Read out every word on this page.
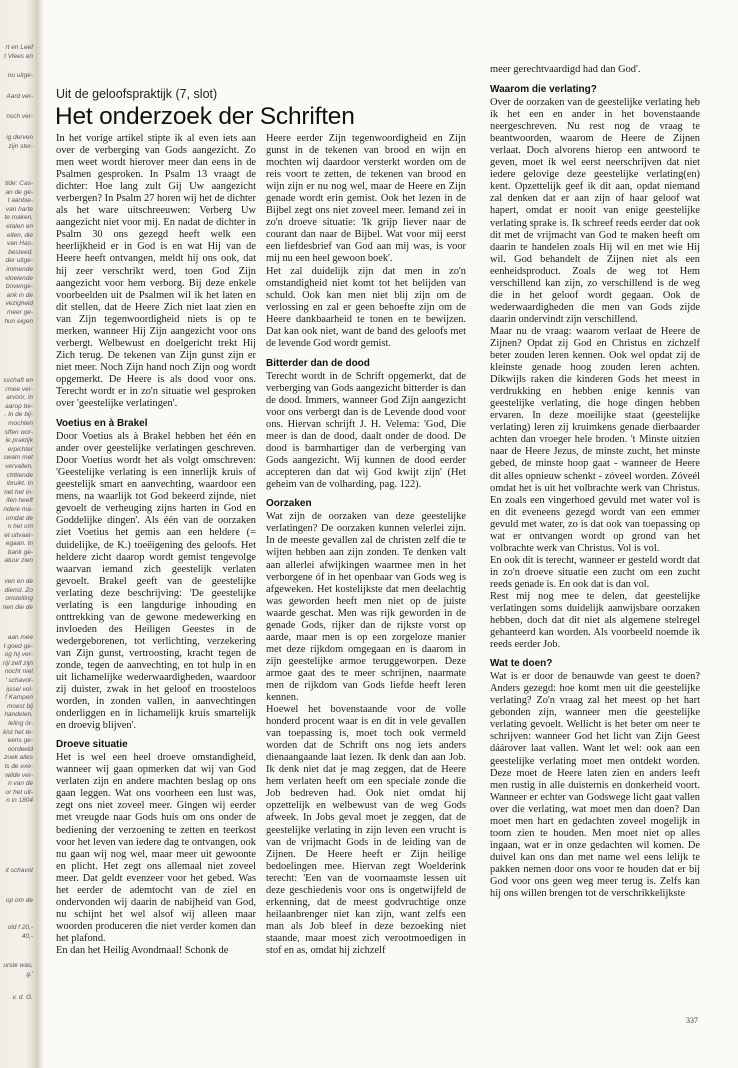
rt en Leef
t Vlees en
nu uitge-
Aard ver-
nsch ver-
ig derven
zijn ster-
tide: Cas-
an de ge-
t aanbie-
van harte
te maken,
etalen en
ellen, die
van Has-
besteed.
der uitge-
immende
vloeiende
bovenge-
ank in de
vezigheid
meer ge-
hun eigen
sschaft en
rmee ver-
arvóór, in
aarop be-
. In de bij-
mochten
sffen wor-
le praktijk
erpichter
swam met
vervallen.
chttiende
ibruikt. In
net het in-
ifen heeft
ndere ma-
omdat de
n het om
et uitvaar-
egaan. In
bank ge-
atuur zien
ven en de
dienst. Zo
onstelling
nen die de
aan mee
t goed ge-
og hij ver-
rijl zelf zijn
nocht niet
' schavot-
ijssel vol-
f Kampen
moest bij
handelen.
leling ór-
kist het te-
eens ge-
oordeeld
zoek alles
ls de exe-
wilde ver-
n van de
or het uit-
n in 1804
it schavot
op om de
old f 20,-
40,-
urste was,
g.'
v. d. G.
Uit de geloofspraktijk (7, slot)
Het onderzoek der Schriften

In het vorige artikel stipte ik al even iets aan over de verberging van Gods aangezicht. Zo men weet wordt hierover meer dan eens in de Psalmen gesproken. In Psalm 13 vraagt de dichter: Hoe lang zult Gij Uw aangezicht verbergen? In Psalm 27 horen wij het de dichter als het ware uitschreeuwen: Verberg Uw aangezicht niet voor mij. En nadat de dichter in Psalm 30 ons gezegd heeft welk een heerlijkheid er in God is en wat Hij van de Heere heeft ontvangen, meldt hij ons ook, dat hij zeer verschrikt werd, toen God Zijn aangezicht voor hem verborg. Bij deze enkele voorbeelden uit de Psalmen wil ik het laten en dit stellen, dat de Heere Zich niet laat zien en van Zijn tegenwoordigheid niets is op te merken, wanneer Hij Zijn aangezicht voor ons verbergt. Welbewust en doelgericht trekt Hij Zich terug. De tekenen van Zijn gunst zijn er niet meer. Noch Zijn hand noch Zijn oog wordt opgemerkt. De Heere is als dood voor ons. Terecht wordt er in zo'n situatie wel gesproken over 'geestelijke verlatingen'.

Voetius en à Brakel

Door Voetius als à Brakel hebben het één en ander over geestelijke verlatingen geschreven. Door Voetius wordt het als volgt omschreven: 'Geestelijke verlating is een innerlijk kruis of geestelijk smart en aanvechting, waardoor een mens, na waarlijk tot God bekeerd zijnde, niet gevoelt de verheuging zijns harten in God en Goddelijke dingen'. Als één van de oorzaken ziet Voetius het gemis aan een heldere (= duidelijke, de K.) toeëigening des geloofs. Het heldere zicht daarop wordt gemist tengevolge waarvan iemand zich geestelijk verlaten gevoelt. Brakel geeft van de geestelijke verlating deze beschrijving: 'De geestelijke verlating is een langdurige inhouding en onttrekking van de gewone medewerking en invloeden des Heiligen Geestes in de wedergeborenen, tot verlichting, verzekering van Zijn gunst, vertroosting, kracht tegen de zonde, tegen de aanvechting, en tot hulp in en uit lichamelijke wederwaardigheden, waardoor zij duister, zwak in het geloof en troosteloos worden, in zonden vallen, in aanvechtingen onderliggen en in lichamelijk kruis smartelijk en droevig blijven'.

Droeve situatie

Het is wel een heel droeve omstandigheid, wanneer wij gaan opmerken dat wij van God verlaten zijn en andere machten beslag op ons gaan leggen. Wat ons voorheen een lust was, zegt ons niet zoveel meer. Gingen wij eerder met vreugde naar Gods huis om ons onder de bediening der verzoening te zetten en teerkost voor het leven van iedere dag te ontvangen, ook nu gaan wij nog wel, maar meer uit gewoonte en plicht. Het zegt ons allemaal niet zoveel meer. Dat geldt evenzeer voor het gebed. Was het eerder de ademtocht van de ziel en ondervonden wij daarin de nabijheid van God, nu schijnt het wel alsof wij alleen maar woorden produceren die niet verder komen dan het plafond.

En dan het Heilig Avondmaal! Schonk de

Heere eerder Zijn tegenwoordigheid en Zijn gunst in de tekenen van brood en wijn en mochten wij daardoor versterkt worden om de reis voort te zetten, de tekenen van brood en wijn zijn er nu nog wel, maar de Heere en Zijn genade wordt erin gemist. Ook het lezen in de Bijbel zegt ons niet zoveel meer. Iemand zei in zo'n droeve situatie: 'Ik grijp liever naar de courant dan naar de Bijbel. Wat voor mij eerst een liefdesbrief van God aan mij was, is voor mij nu een heel gewoon boek'.

Het zal duidelijk zijn dat men in zo'n omstandigheid niet komt tot het belijden van schuld. Ook kan men niet blij zijn om de verlossing en zal er geen behoefte zijn om de Heere dankbaarheid te tonen en te bewijzen. Dat kan ook niet, want de band des geloofs met de levende God wordt gemist.

Bitterder dan de dood

Terecht wordt in de Schrift opgemerkt, dat de verberging van Gods aangezicht bitterder is dan de dood. Immers, wanneer God Zijn aangezicht voor ons verbergt dan is de Levende dood voor ons. Hiervan schrijft J. H. Velema: 'God, Die meer is dan de dood, daalt onder de dood. De dood is barmhartiger dan de verberging van Gods aangezicht. Wij kunnen de dood eerder accepteren dan dat wij God kwijt zijn' (Het geheim van de volharding, pag. 122).

Oorzaken

Wat zijn de oorzaken van deze geestelijke verlatingen? De oorzaken kunnen velerlei zijn. In de meeste gevallen zal de christen zelf die te wijten hebben aan zijn zonden. Te denken valt aan allerlei afwijkingen waarmee men in het verborgene óf in het openbaar van Gods weg is afgeweken. Het kostelijkste dat men deelachtig was geworden heeft men niet op de juiste waarde geschat. Men was rijk geworden in de genade Gods, rijker dan de rijkste vorst op aarde, maar men is op een zorgeloze manier met deze rijkdom omgegaan en is daarom in zijn geestelijke armoe teruggeworpen. Deze armoe gaat des te meer schrijnen, naarmate men de rijkdom van Gods liefde heeft leren kennen.

Hoewel het bovenstaande voor de volle honderd procent waar is en dit in vele gevallen van toepassing is, moet toch ook vermeld worden dat de Schrift ons nog iets anders dienaangaande laat lezen. Ik denk dan aan Job. Ik denk niet dat je mag zeggen, dat de Heere hem verlaten heeft om een speciale zonde die Job bedreven had. Ook niet omdat hij opzettelijk en welbewust van de weg Gods afweek. In Jobs geval moet je zeggen, dat de geestelijke verlating in zijn leven een vrucht is van de vrijmacht Gods in de leiding van de Zijnen. De Heere heeft er Zijn heilige bedoelingen mee. Hiervan zegt Woelderink terecht: 'Een van de voornaamste lessen uit deze geschiedenis voor ons is ongetwijfeld de erkenning, dat de meest godvruchtige onze heilaanbrenger niet kan zijn, want zelfs een man als Job bleef in deze bezoeking niet staande, maar moest zich verootmoedigen in stof en as, omdat hij zichzelf

meer gerechtvaardigd had dan God'.

Waarom die verlating?

Over de oorzaken van de geestelijke verlating heb ik het een en ander in het bovenstaande neergeschreven. Nu rest nog de vraag te beantwoorden, waarom de Heere de Zijnen verlaat. Doch alvorens hierop een antwoord te geven, moet ik wel eerst neerschrijven dat niet iedere gelovige deze geestelijke verlating(en) kent. Opzettelijk geef ik dit aan, opdat niemand zal denken dat er aan zijn of haar geloof wat hapert, omdat er nooit van enige geestelijke verlating sprake is. Ik schreef reeds eerder dat ook dit met de vrijmacht van God te maken heeft om daarin te handelen zoals Hij wil en met wie Hij wil. God behandelt de Zijnen niet als een eenheidsproduct. Zoals de weg tot Hem verschillend kan zijn, zo verschillend is de weg die in het geloof wordt gegaan. Ook de wederwaardigheden die men van Gods zijde daarin ondervindt zijn verschillend.

Maar nu de vraag: waarom verlaat de Heere de Zijnen? Opdat zij God en Christus en zichzelf beter zouden leren kennen. Ook wel opdat zij de kleinste genade hoog zouden leren achten. Dikwijls raken die kinderen Gods het meest in verdrukking en hebben enige kennis van geestelijke verlating, die hoge dingen hebben ervaren. In deze moeilijke staat (geestelijke verlating) leren zij kruimkens genade dierbaarder achten dan vroeger hele broden. 't Minste uitzien naar de Heere Jezus, de minste zucht, het minste gebed, de minste hoop gaat - wanneer de Heere dit alles opnieuw schenkt - zóveel worden. Zóveél omdat het is uit het volbrachte werk van Christus. En zoals een vingerhoed gevuld met water vol is en dit eveneens gezegd wordt van een emmer gevuld met water, zo is dat ook van toepassing op wat er ontvangen wordt op grond van het volbrachte werk van Christus. Vol is vol.

En ook dit is terecht, wanneer er gesteld wordt dat in zo'n droeve situatie een zucht om een zucht reeds genade is. En ook dat is dan vol.

Rest mij nog mee te delen, dat geestelijke verlatingen soms duidelijk aanwijsbare oorzaken hebben, doch dat dit niet als algemene stelregel gehanteerd kan worden. Als voorbeeld noemde ik reeds eerder Job.

Wat te doen?

Wat is er door de benauwde van geest te doen? Anders gezegd: hoe komt men uit die geestelijke verlating? Zo'n vraag zal het meest op het hart gebonden zijn, wanneer men die geestelijke verlating gevoelt. Wellicht is het beter om neer te schrijven: wanneer God het licht van Zijn Geest dáárover laat vallen. Want let wel: ook aan een geestelijke verlating moet men ontdekt worden. Deze moet de Heere laten zien en anders leeft men rustig in alle duisternis en donkerheid voort. Wanneer er echter van Godswege licht gaat vallen over die verlating, wat moet men dan doen? Dan moet men hart en gedachten zoveel mogelijk in toom zien te houden. Men moet niet op alles ingaan, wat er in onze gedachten wil komen. De duivel kan ons dan met name wel eens lelijk te pakken nemen door ons voor te houden dat er bij God voor ons geen weg meer terug is. Zelfs kan hij ons willen brengen tot de verschrikkelijkste

337
